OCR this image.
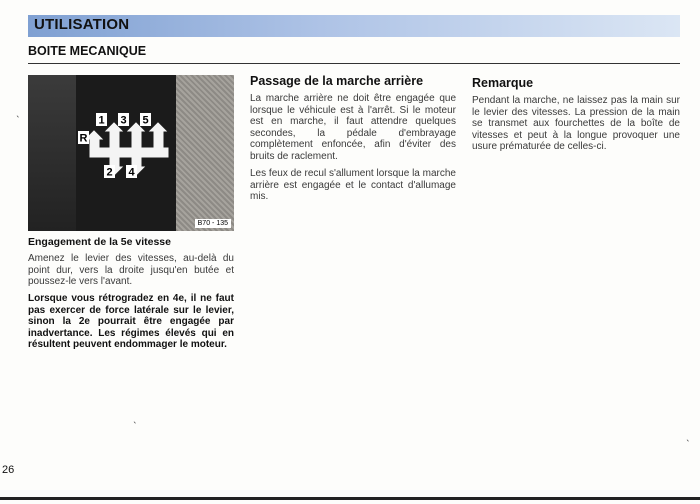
UTILISATION
BOITE MECANIQUE
R
1 3 5
2 4
B70 - 135
Engagement de la 5e vitesse
Amenez le levier des vitesses, au-delà du point dur, vers la droite jusqu'en butée et poussez-le vers l'avant.
Lorsque vous rétrogradez en 4e, il ne faut pas exercer de force latérale sur le levier, sinon la 2e pourrait être engagée par inadvertance. Les régimes élevés qui en résultent peuvent endommager le moteur.
Passage de la marche arrière
La marche arrière ne doit être engagée que lorsque le véhicule est à l'arrêt. Si le moteur est en marche, il faut attendre quelques secondes, la pédale d'embrayage complètement enfoncée, afin d'éviter des bruits de raclement.
Les feux de recul s'allument lorsque la marche arrière est engagée et le contact d'allumage mis.
Remarque
Pendant la marche, ne laissez pas la main sur le levier des vitesses. La pression de la main se transmet aux fourchettes de la boîte de vitesses et peut à la longue provoquer une usure prématurée de celles-ci.
ˎ
ˎ
ˎ
26
